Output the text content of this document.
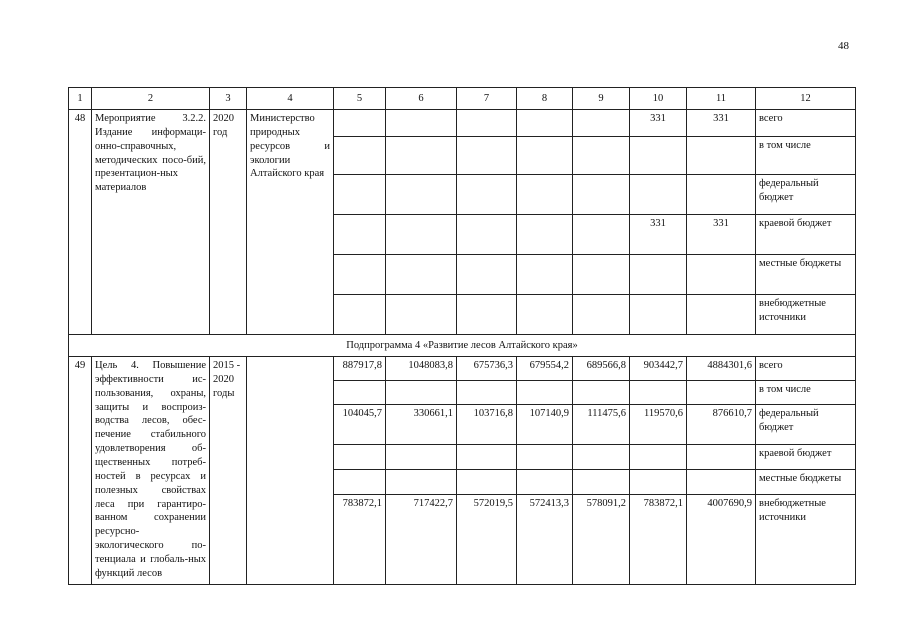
48
1	2	3	4	5	6	7	8	9	10	11	12
48	Мероприятие 3.2.2. Издание информаци-онно-справочных, методических посо-бий, презентацион-ных материалов	2020 год	Министерство природных ресурсов и экологии Алтайского края						331	331	всего
											в том числе
											федеральный бюджет
									331	331	краевой бюджет
											местные бюджеты
											внебюджетные источники
Подпрограмма 4 «Развитие лесов Алтайского края»											
49	Цель 4. Повышение эффективности ис-пользования, охраны, защиты и воспроиз-водства лесов, обес-печение стабильного удовлетворения об-щественных потреб-ностей в ресурсах и полезных свойствах леса при гарантиро-ванном сохранении ресурсно-экологического по-тенциала и глобаль-ных функций лесов	2015 - 2020 годы		887917,8	1048083,8	675736,3	679554,2	689566,8	903442,7	4884301,6	всего
											в том числе
				104045,7	330661,1	103716,8	107140,9	111475,6	119570,6	876610,7	федеральный бюджет
											краевой бюджет
											местные бюджеты
				783872,1	717422,7	572019,5	572413,3	578091,2	783872,1	4007690,9	внебюджетные источники
